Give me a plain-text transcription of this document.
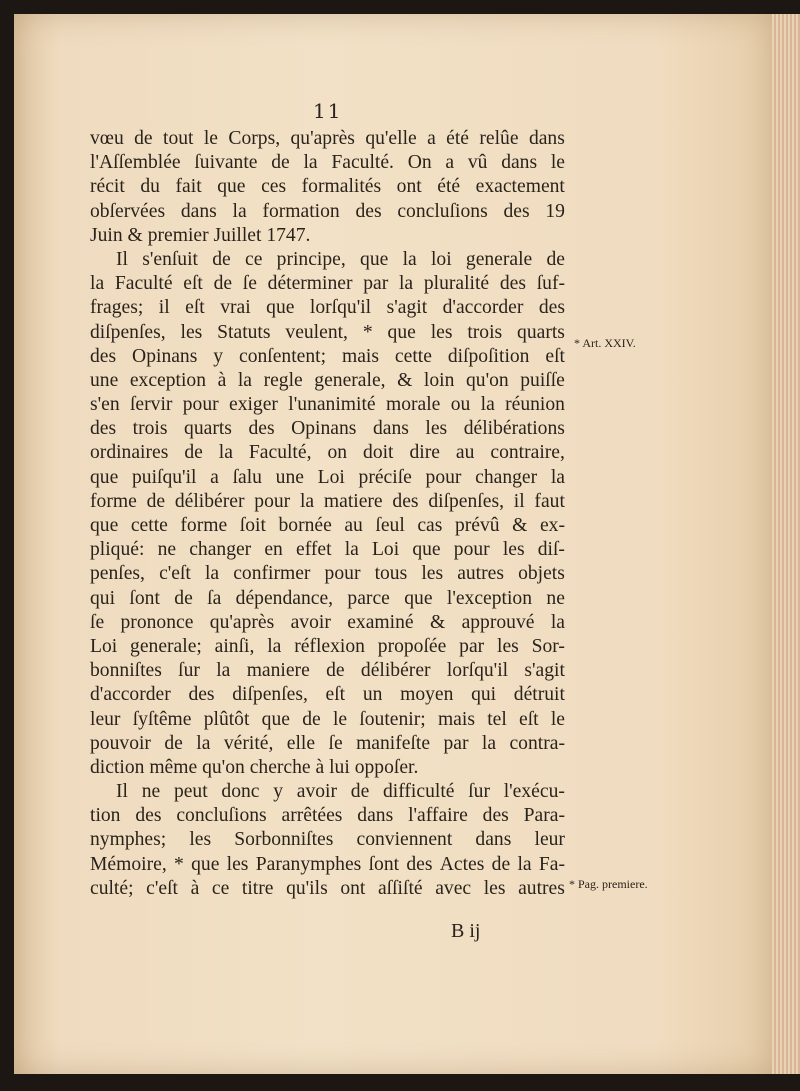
11
vœu de tout le Corps, qu'après qu'elle a été relûe dans
l'Aſſemblée ſuivante de la Faculté. On a vû dans le
récit du fait que ces formalités ont été exactement
obſervées dans la formation des concluſions des 19
Juin & premier Juillet 1747.
Il s'enſuit de ce principe, que la loi generale de
la Faculté eſt de ſe déterminer par la pluralité des ſuf-
frages; il eſt vrai que lorſqu'il s'agit d'accorder des
diſpenſes, les Statuts veulent, * que les trois quarts
des Opinans y conſentent; mais cette diſpoſition eſt
une exception à la regle generale, & loin qu'on puiſſe
s'en ſervir pour exiger l'unanimité morale ou la réunion
des trois quarts des Opinans dans les délibérations
ordinaires de la Faculté, on doit dire au contraire,
que puiſqu'il a ſalu une Loi préciſe pour changer la
forme de délibérer pour la matiere des diſpenſes, il faut
que cette forme ſoit bornée au ſeul cas prévû & ex-
pliqué: ne changer en effet la Loi que pour les diſ-
penſes, c'eſt la confirmer pour tous les autres objets
qui ſont de ſa dépendance, parce que l'exception ne
ſe prononce qu'après avoir examiné & approuvé la
Loi generale; ainſi, la réflexion propoſée par les Sor-
bonniſtes ſur la maniere de délibérer lorſqu'il s'agit
d'accorder des diſpenſes, eſt un moyen qui détruit
leur ſyſtême plûtôt que de le ſoutenir; mais tel eſt le
pouvoir de la vérité, elle ſe manifeſte par la contra-
diction même qu'on cherche à lui oppoſer.
Il ne peut donc y avoir de difficulté ſur l'exécu-
tion des concluſions arrêtées dans l'affaire des Para-
nymphes; les Sorbonniſtes conviennent dans leur
Mémoire, * que les Paranymphes ſont des Actes de la Fa-
culté; c'eſt à ce titre qu'ils ont aſſiſté avec les autres
* Art. XXIV.
* Pag. premiere.
B ij
